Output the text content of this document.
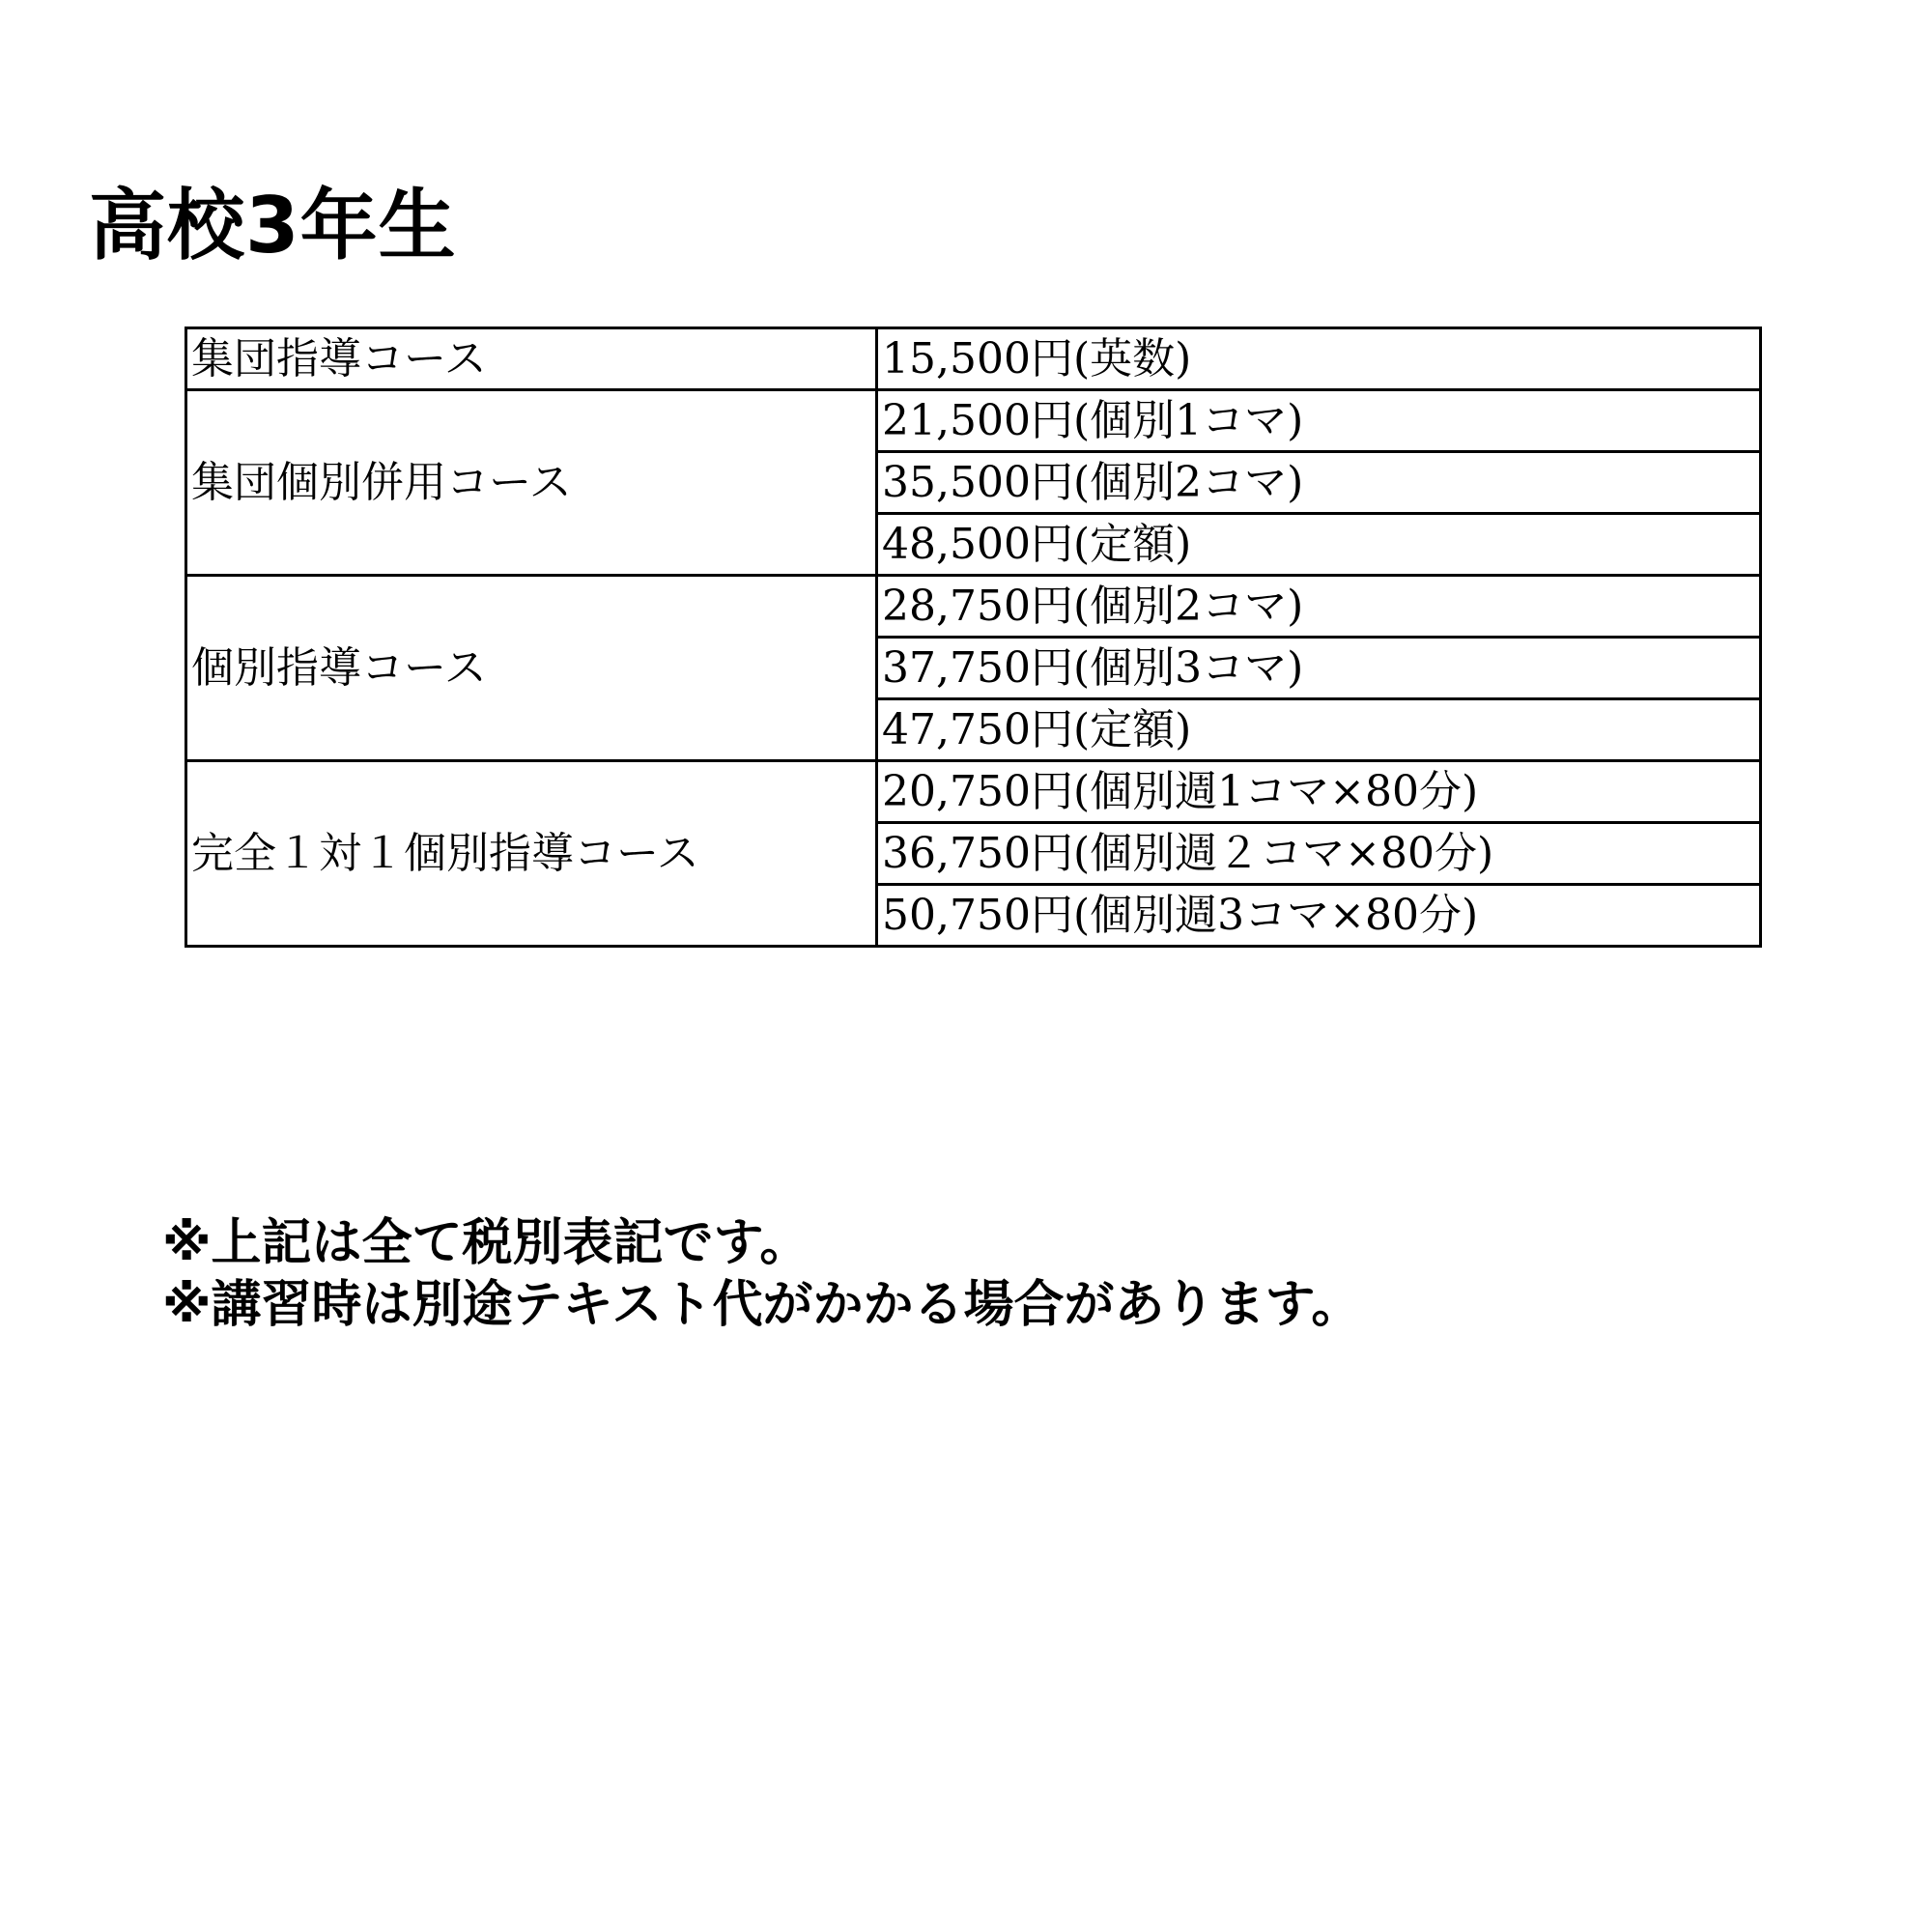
高校3年生
集団指導コース	15,500円(英数)
集団個別併用コース	21,500円(個別1コマ)
	35,500円(個別2コマ)
	48,500円(定額)
個別指導コース	28,750円(個別2コマ)
	37,750円(個別3コマ)
	47,750円(定額)
完全１対１個別指導コース	20,750円(個別週1コマ×80分)
	36,750円(個別週２コマ×80分)
	50,750円(個別週3コマ×80分)
※上記は全て税別表記です。
※講習時は別途テキスト代がかかる場合があります。
